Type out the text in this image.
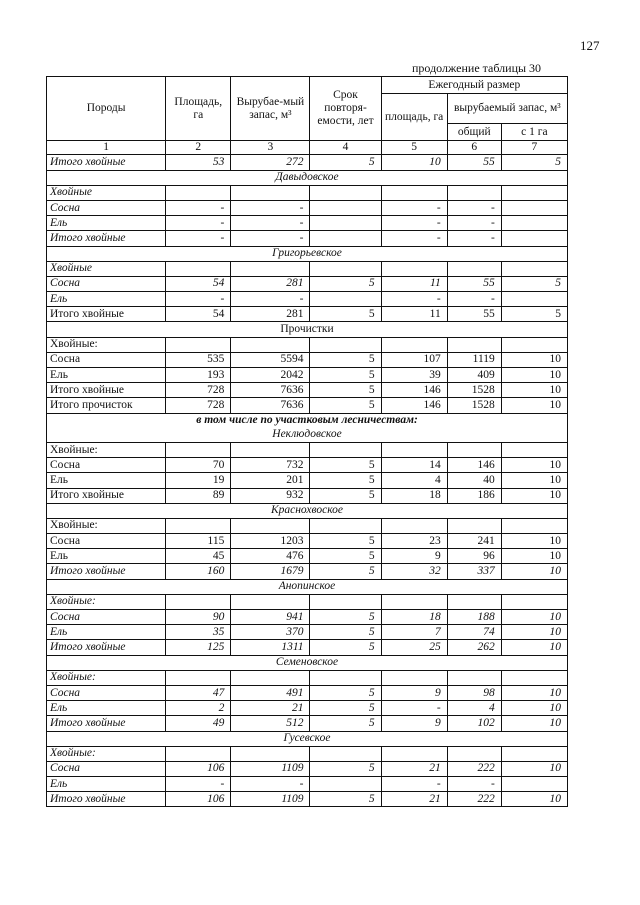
127
продолжение таблицы 30
Породы	Площадь, га	Вырубае-мый запас, м³	Срок повторя-емости, лет	Ежегодный размер		
				площадь, га	вырубаемый запас, м³	
					общий	с 1 га
1	2	3	4	5	6	7
Итого хвойные	53	272	5	10	55	5
Давыдовское						
Хвойные						
Сосна	-	-		-	-	
Ель	-	-		-	-	
Итого хвойные	-	-		-	-	
Григорьевское						
Хвойные						
Сосна	54	281	5	11	55	5
Ель	-	-		-	-	
Итого хвойные	54	281	5	11	55	5
Прочистки						
Хвойные:						
Сосна	535	5594	5	107	1119	10
Ель	193	2042	5	39	409	10
Итого хвойные	728	7636	5	146	1528	10
Итого прочисток	728	7636	5	146	1528	10
в том числе по участковым лесничествам:						
Неклюдовское						
Хвойные:						
Сосна	70	732	5	14	146	10
Ель	19	201	5	4	40	10
Итого хвойные	89	932	5	18	186	10
Краснохвоское						
Хвойные:						
Сосна	115	1203	5	23	241	10
Ель	45	476	5	9	96	10
Итого хвойные	160	1679	5	32	337	10
Анопинское						
Хвойные:						
Сосна	90	941	5	18	188	10
Ель	35	370	5	7	74	10
Итого хвойные	125	1311	5	25	262	10
Семеновское						
Хвойные:						
Сосна	47	491	5	9	98	10
Ель	2	21	5	-	4	10
Итого хвойные	49	512	5	9	102	10
Гусевское						
Хвойные:						
Сосна	106	1109	5	21	222	10
Ель	-	-		-	-	
Итого хвойные	106	1109	5	21	222	10
